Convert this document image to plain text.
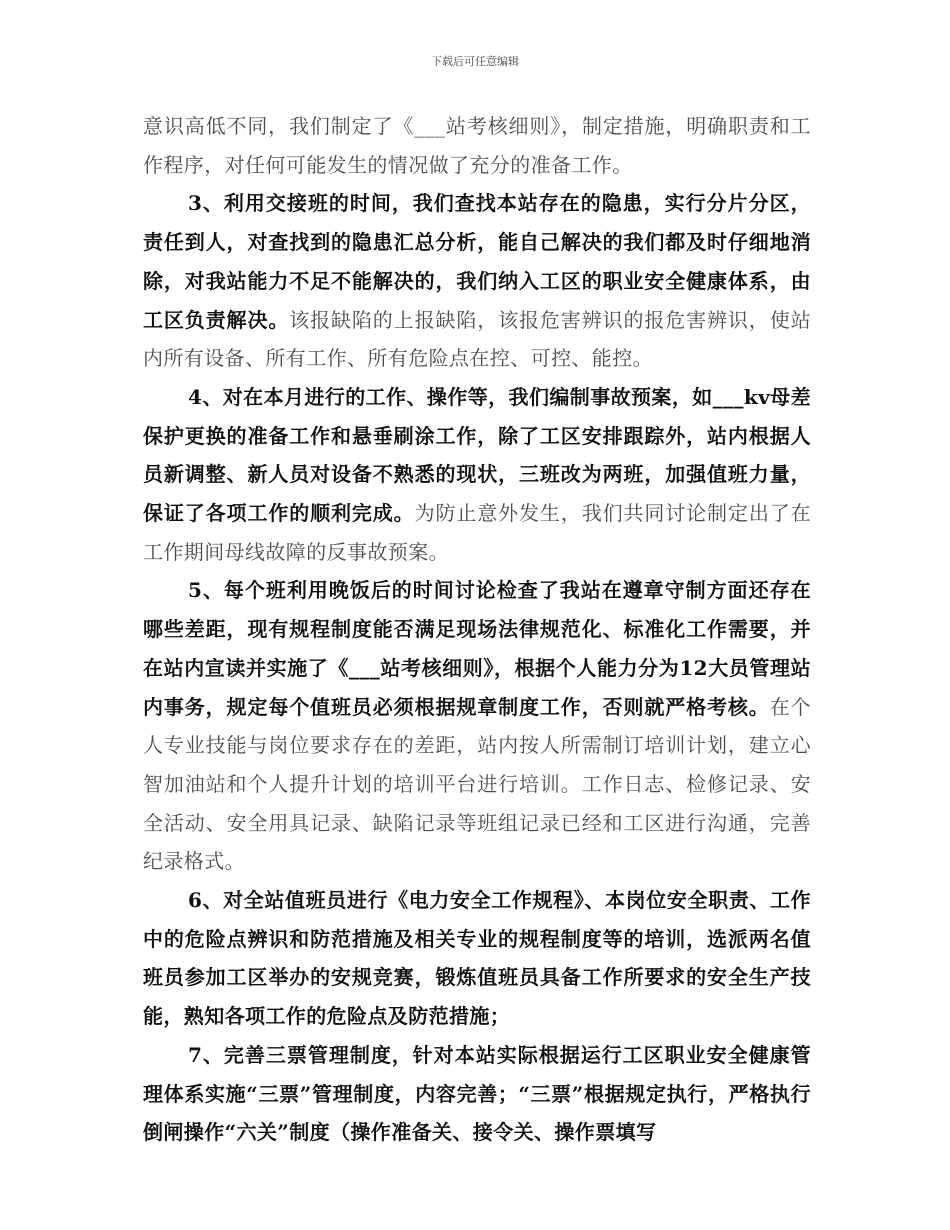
下载后可任意编辑

意识高低不同，我们制定了《___站考核细则》，制定措施，明确职责和工作程序，对任何可能发生的情况做了充分的准备工作。

3、利用交接班的时间，我们查找本站存在的隐患，实行分片分区，责任到人，对查找到的隐患汇总分析，能自己解决的我们都及时仔细地消除，对我站能力不足不能解决的，我们纳入工区的职业安全健康体系，由工区负责解决。该报缺陷的上报缺陷，该报危害辨识的报危害辨识，使站内所有设备、所有工作、所有危险点在控、可控、能控。

4、对在本月进行的工作、操作等，我们编制事故预案，如___kv母差保护更换的准备工作和悬垂刷涂工作，除了工区安排跟踪外，站内根据人员新调整、新人员对设备不熟悉的现状，三班改为两班，加强值班力量，保证了各项工作的顺利完成。为防止意外发生，我们共同讨论制定出了在工作期间母线故障的反事故预案。

5、每个班利用晚饭后的时间讨论检查了我站在遵章守制方面还存在哪些差距，现有规程制度能否满足现场法律规范化、标准化工作需要，并在站内宣读并实施了《___站考核细则》，根据个人能力分为12大员管理站内事务，规定每个值班员必须根据规章制度工作，否则就严格考核。在个人专业技能与岗位要求存在的差距，站内按人所需制订培训计划，建立心智加油站和个人提升计划的培训平台进行培训。工作日志、检修记录、安全活动、安全用具记录、缺陷记录等班组记录已经和工区进行沟通，完善纪录格式。

6、对全站值班员进行《电力安全工作规程》、本岗位安全职责、工作中的危险点辨识和防范措施及相关专业的规程制度等的培训，选派两名值班员参加工区举办的安规竞赛，锻炼值班员具备工作所要求的安全生产技能，熟知各项工作的危险点及防范措施；

7、完善三票管理制度，针对本站实际根据运行工区职业安全健康管理体系实施“三票”管理制度，内容完善；“三票”根据规定执行，严格执行倒闸操作“六关”制度（操作准备关、接令关、操作票填写
